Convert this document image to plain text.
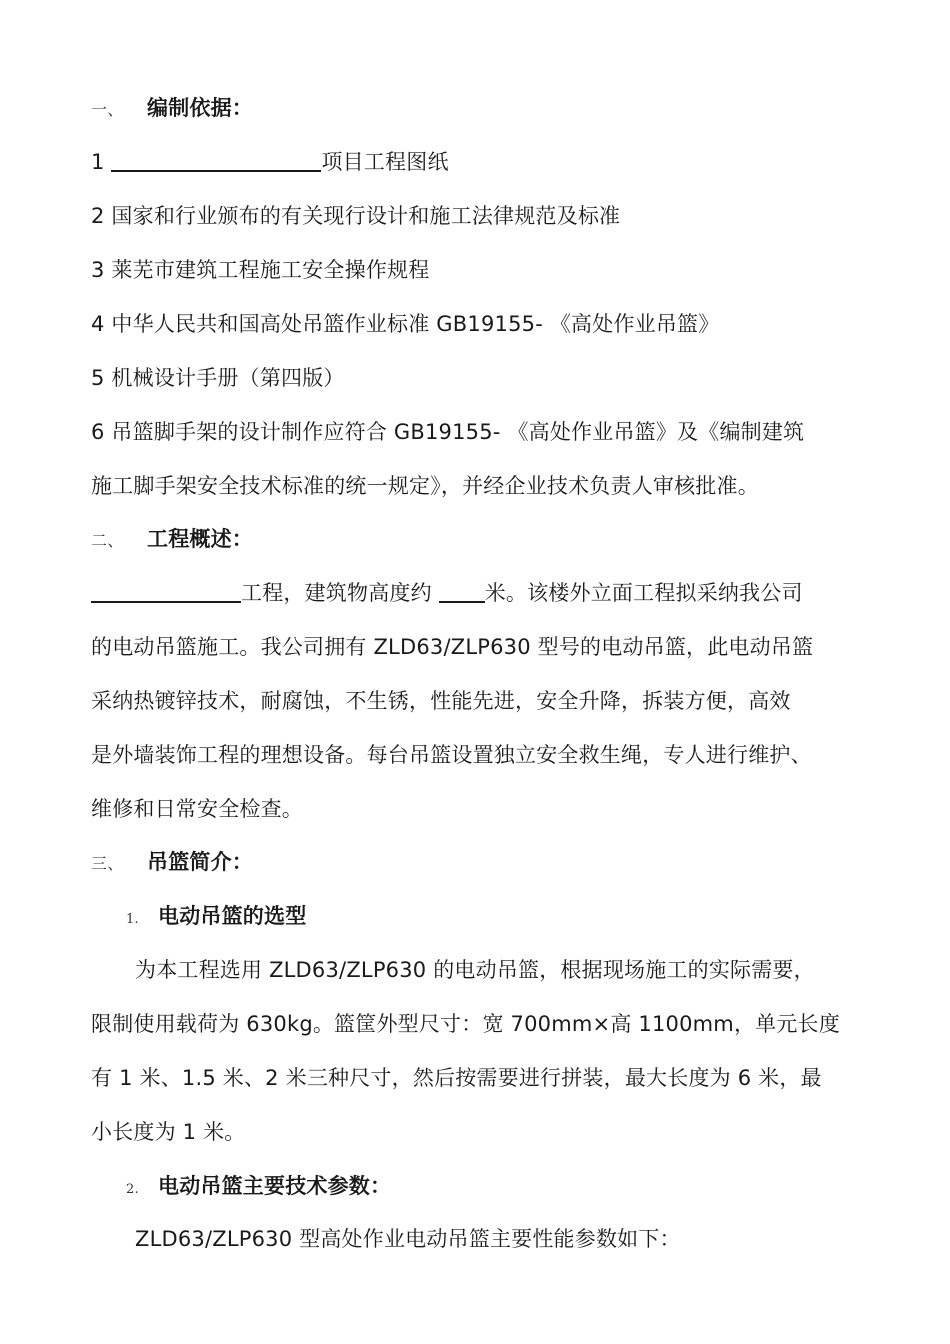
一、 编制依据：
1	项目工程图纸
2 国家和行业颁布的有关现行设计和施工法律规范及标准
3 莱芜市建筑工程施工安全操作规程
4 中华人民共和国高处吊篮作业标准 GB19155- 《高处作业吊篮》
5 机械设计手册（第四版）
6 吊篮脚手架的设计制作应符合 GB19155- 《高处作业吊篮》及《编制建筑
施工脚手架安全技术标准的统一规定》，并经企业技术负责人审核批准。
二、 工程概述：
工程，建筑物高度约	米。该楼外立面工程拟采纳我公司
的电动吊篮施工。我公司拥有 ZLD63/ZLP630 型号的电动吊篮，此电动吊篮
采纳热镀锌技术，耐腐蚀，不生锈，性能先进，安全升降，拆装方便，高效
是外墙装饰工程的理想设备。每台吊篮设置独立安全救生绳，专人进行维护、
维修和日常安全检查。
三、 吊篮简介：
1. 电动吊篮的选型
为本工程选用 ZLD63/ZLP630 的电动吊篮，根据现场施工的实际需要，
限制使用载荷为 630kg。篮筐外型尺寸：宽 700mm×高 1100mm，单元长度
有 1 米、1.5 米、2 米三种尺寸，然后按需要进行拼装，最大长度为 6 米，最
小长度为 1 米。
2. 电动吊篮主要技术参数：
ZLD63/ZLP630 型高处作业电动吊篮主要性能参数如下：
